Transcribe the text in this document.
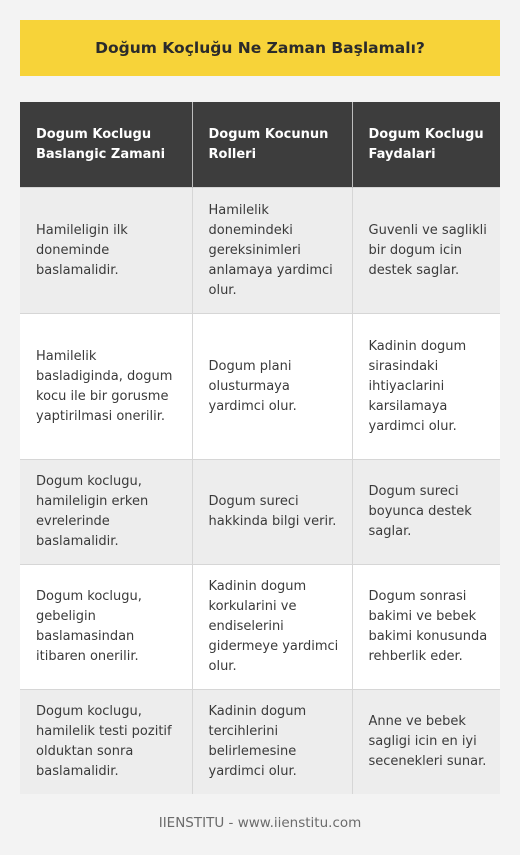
Doğum Koçluğu Ne Zaman Başlamalı?
Dogum Koclugu Baslangic Zamani	Dogum Kocunun Rolleri	Dogum Koclugu Faydalari
Hamileligin ilk doneminde baslamalidir.	Hamilelik donemindeki gereksinimleri anlamaya yardimci olur.	Guvenli ve saglikli bir dogum icin destek saglar.
Hamilelik basladiginda, dogum kocu ile bir gorusme yaptirilmasi onerilir.	Dogum plani olusturmaya yardimci olur.	Kadinin dogum sirasindaki ihtiyaclarini karsilamaya yardimci olur.
Dogum koclugu, hamileligin erken evrelerinde baslamalidir.	Dogum sureci hakkinda bilgi verir.	Dogum sureci boyunca destek saglar.
Dogum koclugu, gebeligin baslamasindan itibaren onerilir.	Kadinin dogum korkularini ve endiselerini gidermeye yardimci olur.	Dogum sonrasi bakimi ve bebek bakimi konusunda rehberlik eder.
Dogum koclugu, hamilelik testi pozitif olduktan sonra baslamalidir.	Kadinin dogum tercihlerini belirlemesine yardimci olur.	Anne ve bebek sagligi icin en iyi secenekleri sunar.
IIENSTITU - www.iienstitu.com
